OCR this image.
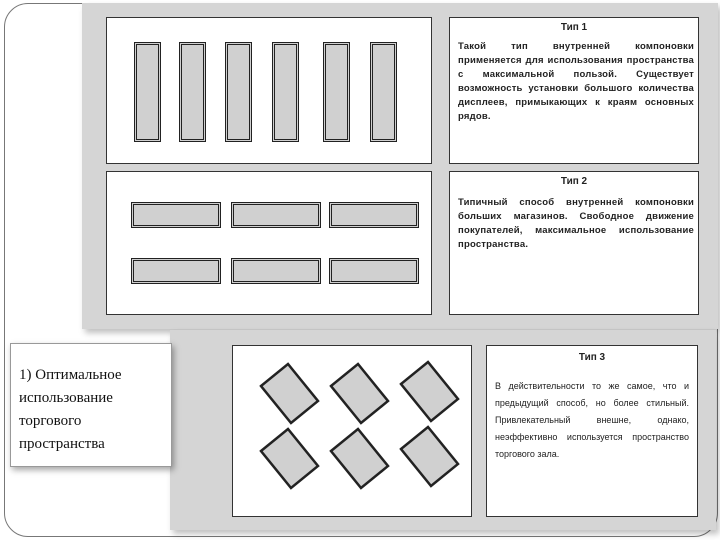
Тип 1
Такой тип внутренней компоновки применяется для использования пространства с максимальной пользой. Существует возможность установки большого количества дисплеев, примыкающих к краям основных рядов.
Тип 2
Типичный способ внутренней компоновки больших магазинов. Свободное движение покупателей, максимальное использование пространства.
Тип 3
В действительности то же самое, что и предыдущий способ, но более стильный. Привлекательный внешне, однако, неэффективно используется пространство торгового зала.
1) Оптимальное
использование
торгового
пространства
